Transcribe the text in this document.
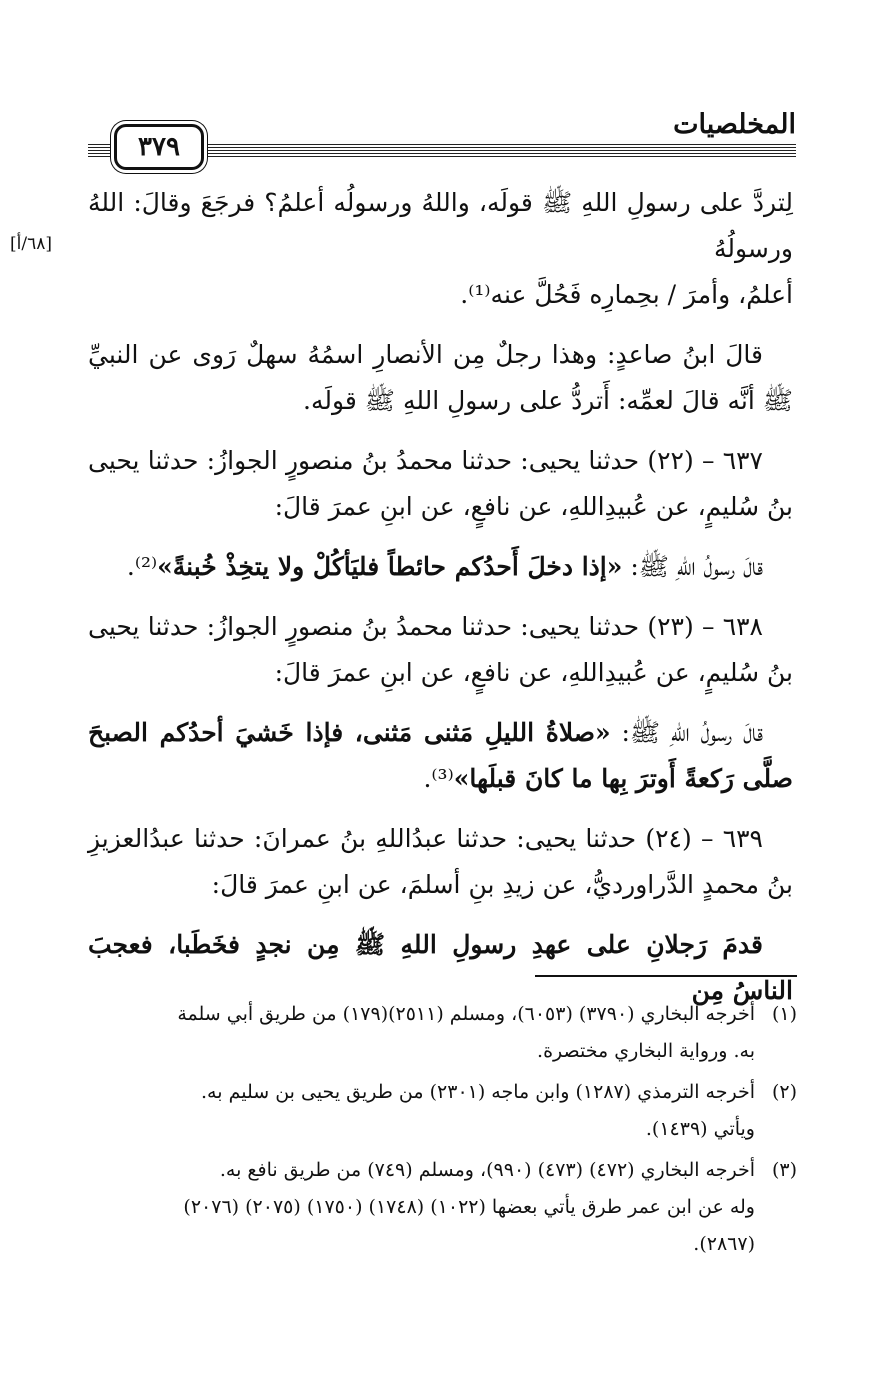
المخلصيات
٣٧٩
[٦٨/أ]

لِتردَّ على رسولِ اللهِ ﷺ قولَه، واللهُ ورسولُه أعلمُ؟ فرجَعَ وقالَ: اللهُ ورسولُهُ
أعلمُ، وأمرَ / بحِمارِه فَحُلَّ عنه⁽¹⁾.

قالَ ابنُ صاعدٍ: وهذا رجلٌ مِن الأنصارِ اسمُهُ سهلٌ رَوى عن النبيِّ ﷺ أنَّه قالَ لعمِّه: أَتردُّ على رسولِ اللهِ ﷺ قولَه.

٦٣٧ – (٢٢) حدثنا يحيى: حدثنا محمدُ بنُ منصورٍ الجوازُ: حدثنا يحيى بنُ سُليمٍ، عن عُبيدِاللهِ، عن نافعٍ، عن ابنِ عمرَ قالَ:

قالَ رسولُ اللهِ ﷺ: «إذا دخلَ أَحدُكم حائطاً فليَأكُلْ ولا يتخِذْ خُبنةً»⁽²⁾.

٦٣٨ – (٢٣) حدثنا يحيى: حدثنا محمدُ بنُ منصورٍ الجوازُ: حدثنا يحيى بنُ سُليمٍ، عن عُبيدِاللهِ، عن نافعٍ، عن ابنِ عمرَ قالَ:

قالَ رسولُ اللهِ ﷺ: «صلاةُ الليلِ مَثنى مَثنى، فإذا خَشيَ أحدُكم الصبحَ صلَّى رَكعةً أَوترَ بِها ما كانَ قبلَها»⁽³⁾.

٦٣٩ – (٢٤) حدثنا يحيى: حدثنا عبدُاللهِ بنُ عمرانَ: حدثنا عبدُالعزيزِ بنُ محمدٍ الدَّراورديُّ، عن زيدِ بنِ أسلمَ، عن ابنِ عمرَ قالَ:

قدمَ رَجلانِ على عهدِ رسولِ اللهِ ﷺ مِن نجدٍ فخَطَبا، فعجبَ الناسُ مِن

(١)
أخرجه البخاري (٣٧٩٠) (٦٠٥٣)، ومسلم (٢٥١١)(١٧٩) من طريق أبي سلمة
به. ورواية البخاري مختصرة.
(٢)
أخرجه الترمذي (١٢٨٧) وابن ماجه (٢٣٠١) من طريق يحيى بن سليم به.
ويأتي (١٤٣٩).
(٣)
أخرجه البخاري (٤٧٢) (٤٧٣) (٩٩٠)، ومسلم (٧٤٩) من طريق نافع به.
وله عن ابن عمر طرق يأتي بعضها (١٠٢٢) (١٧٤٨) (١٧٥٠) (٢٠٧٥) (٢٠٧٦)
(٢٨٦٧).
